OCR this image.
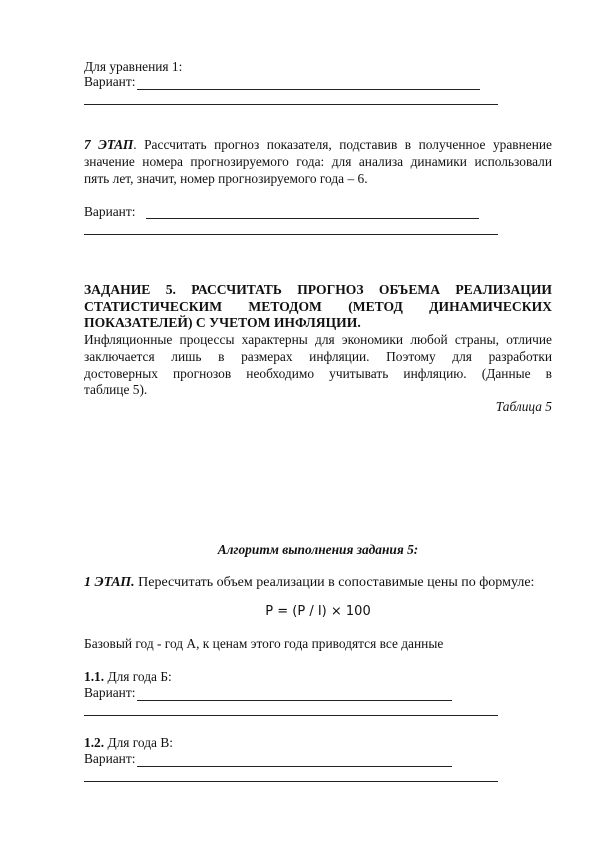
Для уравнения 1:
Вариант:
7 ЭТАП. Рассчитать прогноз показателя, подставив в полученное уравнение
значение номера прогнозируемого года: для анализа динамики использовали
пять лет, значит, номер прогнозируемого года – 6.
Вариант:
ЗАДАНИЕ 5. РАССЧИТАТЬ ПРОГНОЗ ОБЪЕМА РЕАЛИЗАЦИИ
СТАТИСТИЧЕСКИМ МЕТОДОМ (МЕТОД ДИНАМИЧЕСКИХ
ПОКАЗАТЕЛЕЙ) С УЧЕТОМ ИНФЛЯЦИИ.
Инфляционные процессы характерны для экономики любой страны, отличие
заключается лишь в размерах инфляции. Поэтому для разработки
достоверных прогнозов необходимо учитывать инфляцию. (Данные в
таблице 5).
Таблица 5
Алгоритм выполнения задания 5:
1 ЭТАП. Пересчитать объем реализации в сопоставимые цены по формуле:
P = (P / I) ⨯ 100
Базовый год - год А, к ценам этого года приводятся все данные
1.1. Для года Б:
Вариант:
1.2. Для года В:
Вариант:
